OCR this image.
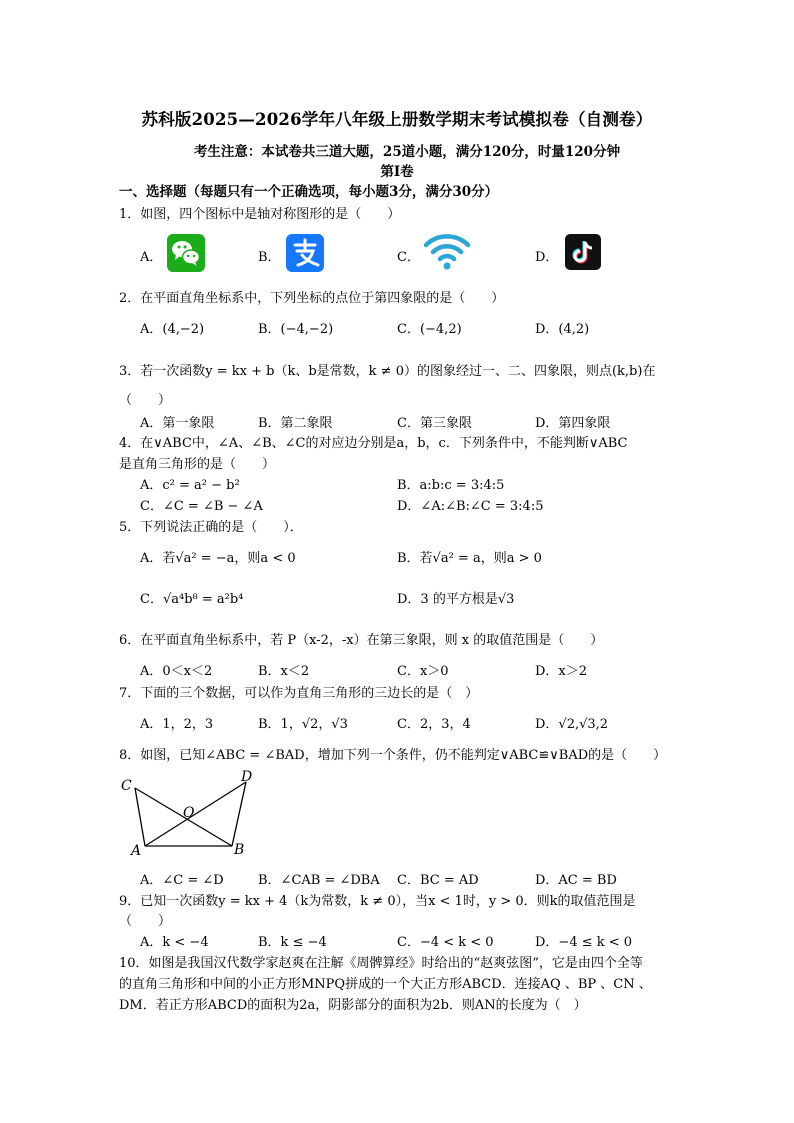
苏科版2025—2026学年八年级上册数学期末考试模拟卷（自测卷）
考生注意：本试卷共三道大题，25道小题，满分120分，时量120分钟
第Ⅰ卷
一、选择题（每题只有一个正确选项，每小题3分，满分30分）
1．如图，四个图标中是轴对称图形的是（　　）
A．	B．	C．	D．
2．在平面直角坐标系中，下列坐标的点位于第四象限的是（　　）
A．(4,−2)	B．(−4,−2)	C．(−4,2)	D．(4,2)
3．若一次函数y = kx + b（k、b是常数，k ≠ 0）的图象经过一、二、四象限，则点(k,b)在
（　　）
A．第一象限	B．第二象限	C．第三象限	D．第四象限
4．在∨ABC中，∠A、∠B、∠C的对应边分别是a，b，c．下列条件中，不能判断∨ABC
是直角三角形的是（　　）
A．c² = a² − b²	B．a:b:c = 3:4:5
C．∠C = ∠B − ∠A	D．∠A:∠B:∠C = 3:4:5
5．下列说法正确的是（　　）．
A．若√a² = −a，则a < 0	B．若√a² = a，则a > 0
C．√a⁴b⁸ = a²b⁴	D．3 的平方根是√3
6．在平面直角坐标系中，若 P（x-2，-x）在第三象限，则 x 的取值范围是（　　）
A．0＜x＜2	B．x＜2	C．x＞0	D．x＞2
7．下面的三个数据，可以作为直角三角形的三边长的是（　）
A．1，2，3	B．1，√2，√3	C．2，3，4	D．√2,√3,2
8．如图，已知∠ABC = ∠BAD，增加下列一个条件，仍不能判定∨ABC≌∨BAD的是（　　）
C
D
O
A	B
A．∠C = ∠D	B．∠CAB = ∠DBA C．BC = AD	D．AC = BD
9．已知一次函数y = kx + 4（k为常数，k ≠ 0），当x < 1时，y > 0．则k的取值范围是
（　　）
A．k < −4	B．k ≤ −4	C．−4 < k < 0	D．−4 ≤ k < 0
10．如图是我国汉代数学家赵爽在注解《周髀算经》时给出的“赵爽弦图”，它是由四个全等
的直角三角形和中间的小正方形MNPQ拼成的一个大正方形ABCD．连接AQ 、BP 、CN 、
DM．若正方形ABCD的面积为2a，阴影部分的面积为2b．则AN的长度为（　）
